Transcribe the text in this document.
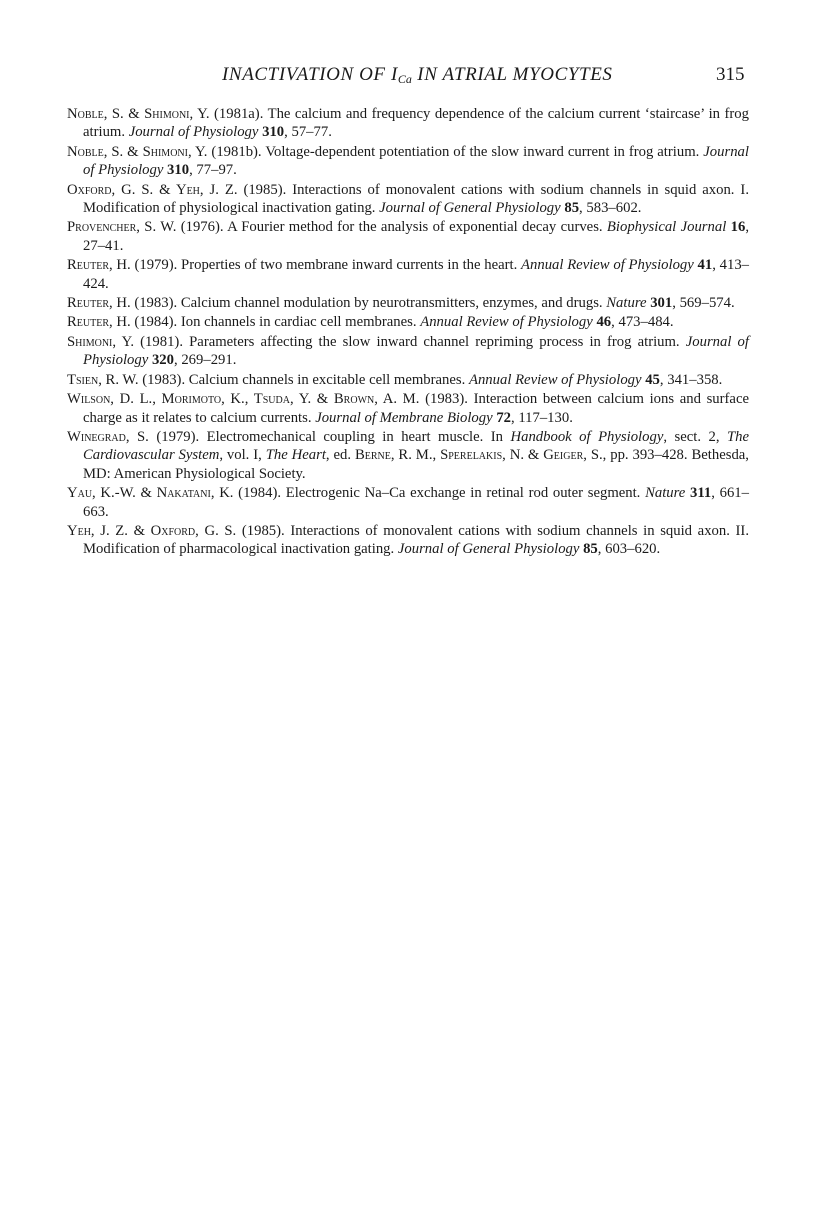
INACTIVATION OF $I_{Ca}$ IN ATRIAL MYOCYTES	315
Noble, S. & Shimoni, Y. (1981a). The calcium and frequency dependence of the calcium current ‘staircase’ in frog atrium. Journal of Physiology 310, 57–77.
Noble, S. & Shimoni, Y. (1981b). Voltage-dependent potentiation of the slow inward current in frog atrium. Journal of Physiology 310, 77–97.
Oxford, G. S. & Yeh, J. Z. (1985). Interactions of monovalent cations with sodium channels in squid axon. I. Modification of physiological inactivation gating. Journal of General Physiology 85, 583–602.
Provencher, S. W. (1976). A Fourier method for the analysis of exponential decay curves. Biophysical Journal 16, 27–41.
Reuter, H. (1979). Properties of two membrane inward currents in the heart. Annual Review of Physiology 41, 413–424.
Reuter, H. (1983). Calcium channel modulation by neurotransmitters, enzymes, and drugs. Nature 301, 569–574.
Reuter, H. (1984). Ion channels in cardiac cell membranes. Annual Review of Physiology 46, 473–484.
Shimoni, Y. (1981). Parameters affecting the slow inward channel repriming process in frog atrium. Journal of Physiology 320, 269–291.
Tsien, R. W. (1983). Calcium channels in excitable cell membranes. Annual Review of Physiology 45, 341–358.
Wilson, D. L., Morimoto, K., Tsuda, Y. & Brown, A. M. (1983). Interaction between calcium ions and surface charge as it relates to calcium currents. Journal of Membrane Biology 72, 117–130.
Winegrad, S. (1979). Electromechanical coupling in heart muscle. In Handbook of Physiology, sect. 2, The Cardiovascular System, vol. I, The Heart, ed. Berne, R. M., Sperelakis, N. & Geiger, S., pp. 393–428. Bethesda, MD: American Physiological Society.
Yau, K.-W. & Nakatani, K. (1984). Electrogenic Na–Ca exchange in retinal rod outer segment. Nature 311, 661–663.
Yeh, J. Z. & Oxford, G. S. (1985). Interactions of monovalent cations with sodium channels in squid axon. II. Modification of pharmacological inactivation gating. Journal of General Physiology 85, 603–620.
